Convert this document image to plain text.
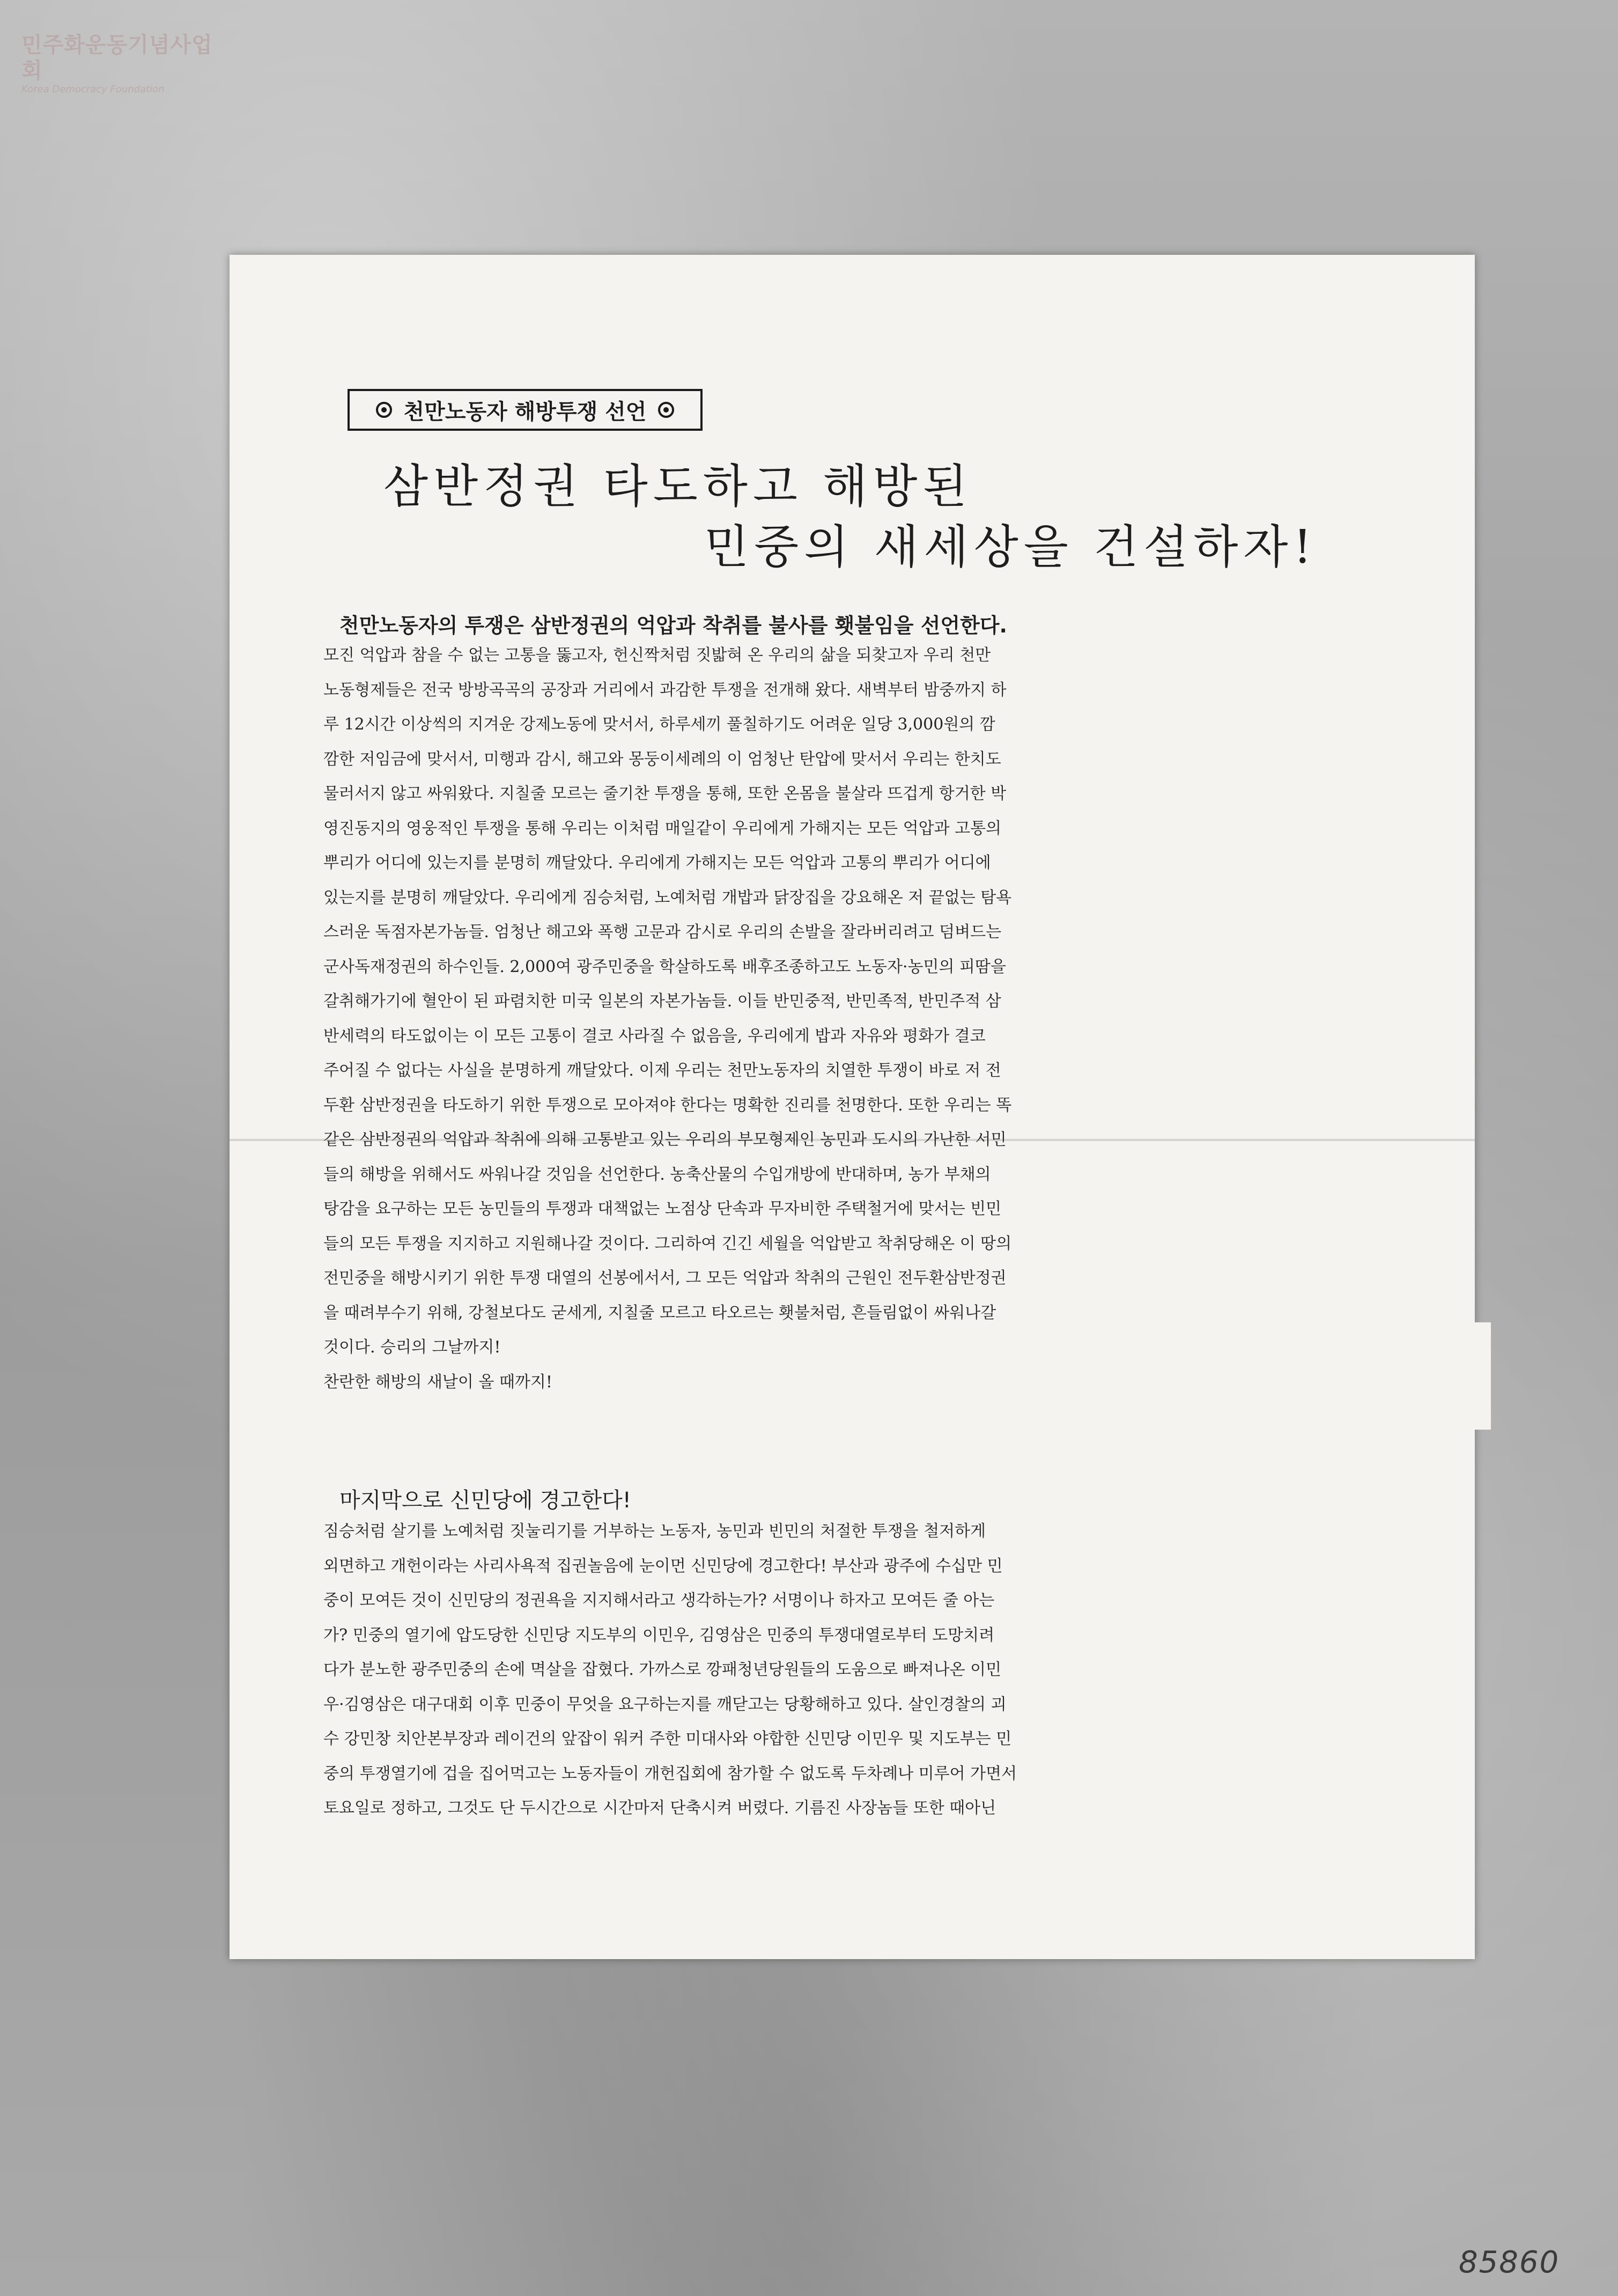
민주화운동기념사업회
Korea Democracy Foundation
천만노동자 해방투쟁 선언
삼반정권 타도하고 해방된
민중의 새세상을 건설하자!
천만노동자의 투쟁은 삼반정권의 억압과 착취를 불사를 횃불임을 선언한다.
모진 억압과 참을 수 없는 고통을 뚫고자, 헌신짝처럼 짓밟혀 온 우리의 삶을 되찾고자 우리 천만
노동형제들은 전국 방방곡곡의 공장과 거리에서 과감한 투쟁을 전개해 왔다. 새벽부터 밤중까지 하
루 12시간 이상씩의 지겨운 강제노동에 맞서서, 하루세끼 풀칠하기도 어려운 일당 3,000원의 깜
깜한 저임금에 맞서서, 미행과 감시, 해고와 몽둥이세례의 이 엄청난 탄압에 맞서서 우리는 한치도
물러서지 않고 싸워왔다. 지칠줄 모르는 줄기찬 투쟁을 통해, 또한 온몸을 불살라 뜨겁게 항거한 박
영진동지의 영웅적인 투쟁을 통해 우리는 이처럼 매일같이 우리에게 가해지는 모든 억압과 고통의
뿌리가 어디에 있는지를 분명히 깨달았다. 우리에게 가해지는 모든 억압과 고통의 뿌리가 어디에
있는지를 분명히 깨달았다. 우리에게 짐승처럼, 노예처럼 개밥과 닭장집을 강요해온 저 끝없는 탐욕
스러운 독점자본가놈들. 엄청난 해고와 폭행 고문과 감시로 우리의 손발을 잘라버리려고 덤벼드는
군사독재정권의 하수인들. 2,000여 광주민중을 학살하도록 배후조종하고도 노동자·농민의 피땀을
갈취해가기에 혈안이 된 파렴치한 미국 일본의 자본가놈들. 이들 반민중적, 반민족적, 반민주적 삼
반세력의 타도없이는 이 모든 고통이 결코 사라질 수 없음을, 우리에게 밥과 자유와 평화가 결코
주어질 수 없다는 사실을 분명하게 깨달았다. 이제 우리는 천만노동자의 치열한 투쟁이 바로 저 전
두환 삼반정권을 타도하기 위한 투쟁으로 모아져야 한다는 명확한 진리를 천명한다. 또한 우리는 똑
같은 삼반정권의 억압과 착취에 의해 고통받고 있는 우리의 부모형제인 농민과 도시의 가난한 서민
들의 해방을 위해서도 싸워나갈 것임을 선언한다. 농축산물의 수입개방에 반대하며, 농가 부채의
탕감을 요구하는 모든 농민들의 투쟁과 대책없는 노점상 단속과 무자비한 주택철거에 맞서는 빈민
들의 모든 투쟁을 지지하고 지원해나갈 것이다. 그리하여 긴긴 세월을 억압받고 착취당해온 이 땅의
전민중을 해방시키기 위한 투쟁 대열의 선봉에서서, 그 모든 억압과 착취의 근원인 전두환삼반정권
을 때려부수기 위해, 강철보다도 굳세게, 지칠줄 모르고 타오르는 횃불처럼, 흔들림없이 싸워나갈
것이다. 승리의 그날까지!
찬란한 해방의 새날이 올 때까지!
마지막으로 신민당에 경고한다!
짐승처럼 살기를 노예처럼 짓눌리기를 거부하는 노동자, 농민과 빈민의 처절한 투쟁을 철저하게
외면하고 개헌이라는 사리사욕적 집권놀음에 눈이먼 신민당에 경고한다! 부산과 광주에 수십만 민
중이 모여든 것이 신민당의 정권욕을 지지해서라고 생각하는가? 서명이나 하자고 모여든 줄 아는
가? 민중의 열기에 압도당한 신민당 지도부의 이민우, 김영삼은 민중의 투쟁대열로부터 도망치려
다가 분노한 광주민중의 손에 멱살을 잡혔다. 가까스로 깡패청년당원들의 도움으로 빠져나온 이민
우·김영삼은 대구대회 이후 민중이 무엇을 요구하는지를 깨닫고는 당황해하고 있다. 살인경찰의 괴
수 강민창 치안본부장과 레이건의 앞잡이 워커 주한 미대사와 야합한 신민당 이민우 및 지도부는 민
중의 투쟁열기에 겁을 집어먹고는 노동자들이 개헌집회에 참가할 수 없도록 두차례나 미루어 가면서
토요일로 정하고, 그것도 단 두시간으로 시간마저 단축시켜 버렸다. 기름진 사장놈들 또한 때아닌
85860
